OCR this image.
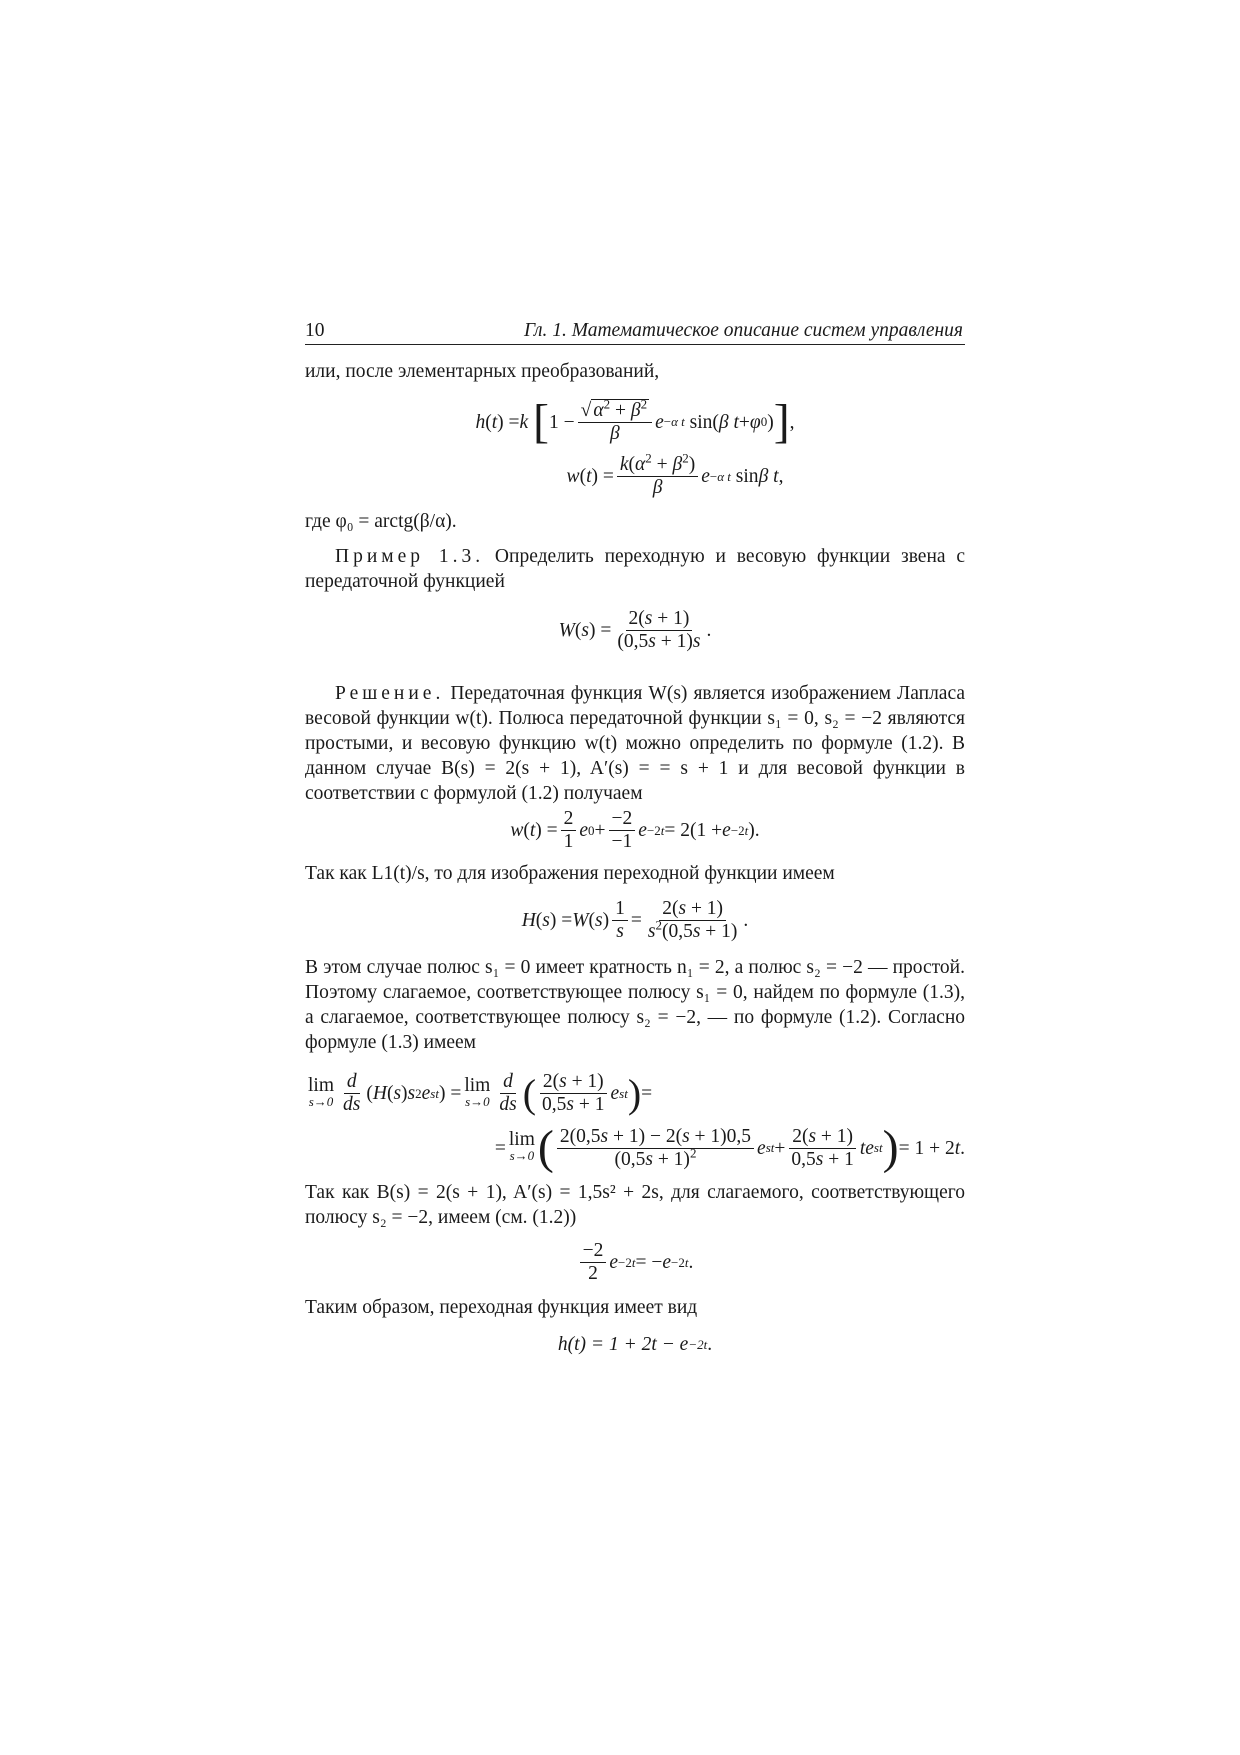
10	Гл. 1. Математическое описание систем управления

или, после элементарных преобразований,

h ( t ) = k
[ $1 - \frac{√ \alpha^2 + \beta^2}{\beta}$ e −α t sin( β t + φ 0 ) ] ,
w ( t ) = $\frac{k(\alpha^2 + \beta^2)}{\beta}$ e −α t sin β t ,

где φ₀ = arctg(β/α).

Пример 1.3. Определить переходную и весовую функции звена с передаточной функцией

W ( s ) = $\frac{2(s + 1)}{(0,5s + 1)s}$ .

Решение. Передаточная функция W(s) является изображением Лапласа весовой функции w(t). Полюса передаточной функции s₁ = 0, s₂ = −2 являются простыми, и весовую функцию w(t) можно определить по формуле (1.2). В данном случае B(s) = 2(s + 1), A′(s) = = s + 1 и для весовой функции в соответствии с формулой (1.2) получаем

w ( t ) = $\frac{2}{1}$ e $0 + \frac{-2}{-1}$ e −2t = 2(1 + e −2t ).

Так как L1(t)/s, то для изображения переходной функции имеем

H ( s ) = W ( s ) $\frac{1}{s} = \frac{2(s + 1)}{s^2(0,5s + 1)}$ .

В этом случае полюс s₁ = 0 имеет кратность n₁ = 2, а полюс s₂ = −2 — простой. Поэтому слагаемое, соответствующее полюсу s₁ = 0, найдем по формуле (1.3), а слагаемое, соответствующее полюсу s₂ = −2, — по формуле (1.2). Согласно формуле (1.3) имеем

lim
$s\to 0 \frac{d}{ds}$ ( H ( s ) s 2 e st ) = lim
$s\to 0 \frac{d}{ds}$ ( $\frac{2(s + 1)}{0,5s + 1}$ e st ) =
= lim
s→0 ( $\frac{2(0,5s + 1) - 2(s + 1)0,5}{(0,5s + 1)^2}$ e st + $\frac{2(s + 1)}{0,5s + 1}$ te st ) = 1 + 2 t .

Так как B(s) = 2(s + 1), A′(s) = 1,5s² + 2s, для слагаемого, соответствующего полюсу s₂ = −2, имеем (см. (1.2))

$\frac{-2}{2}$ e −2t = − e −2t .

Таким образом, переходная функция имеет вид

h(t) = 1 + 2t − e −2t .
